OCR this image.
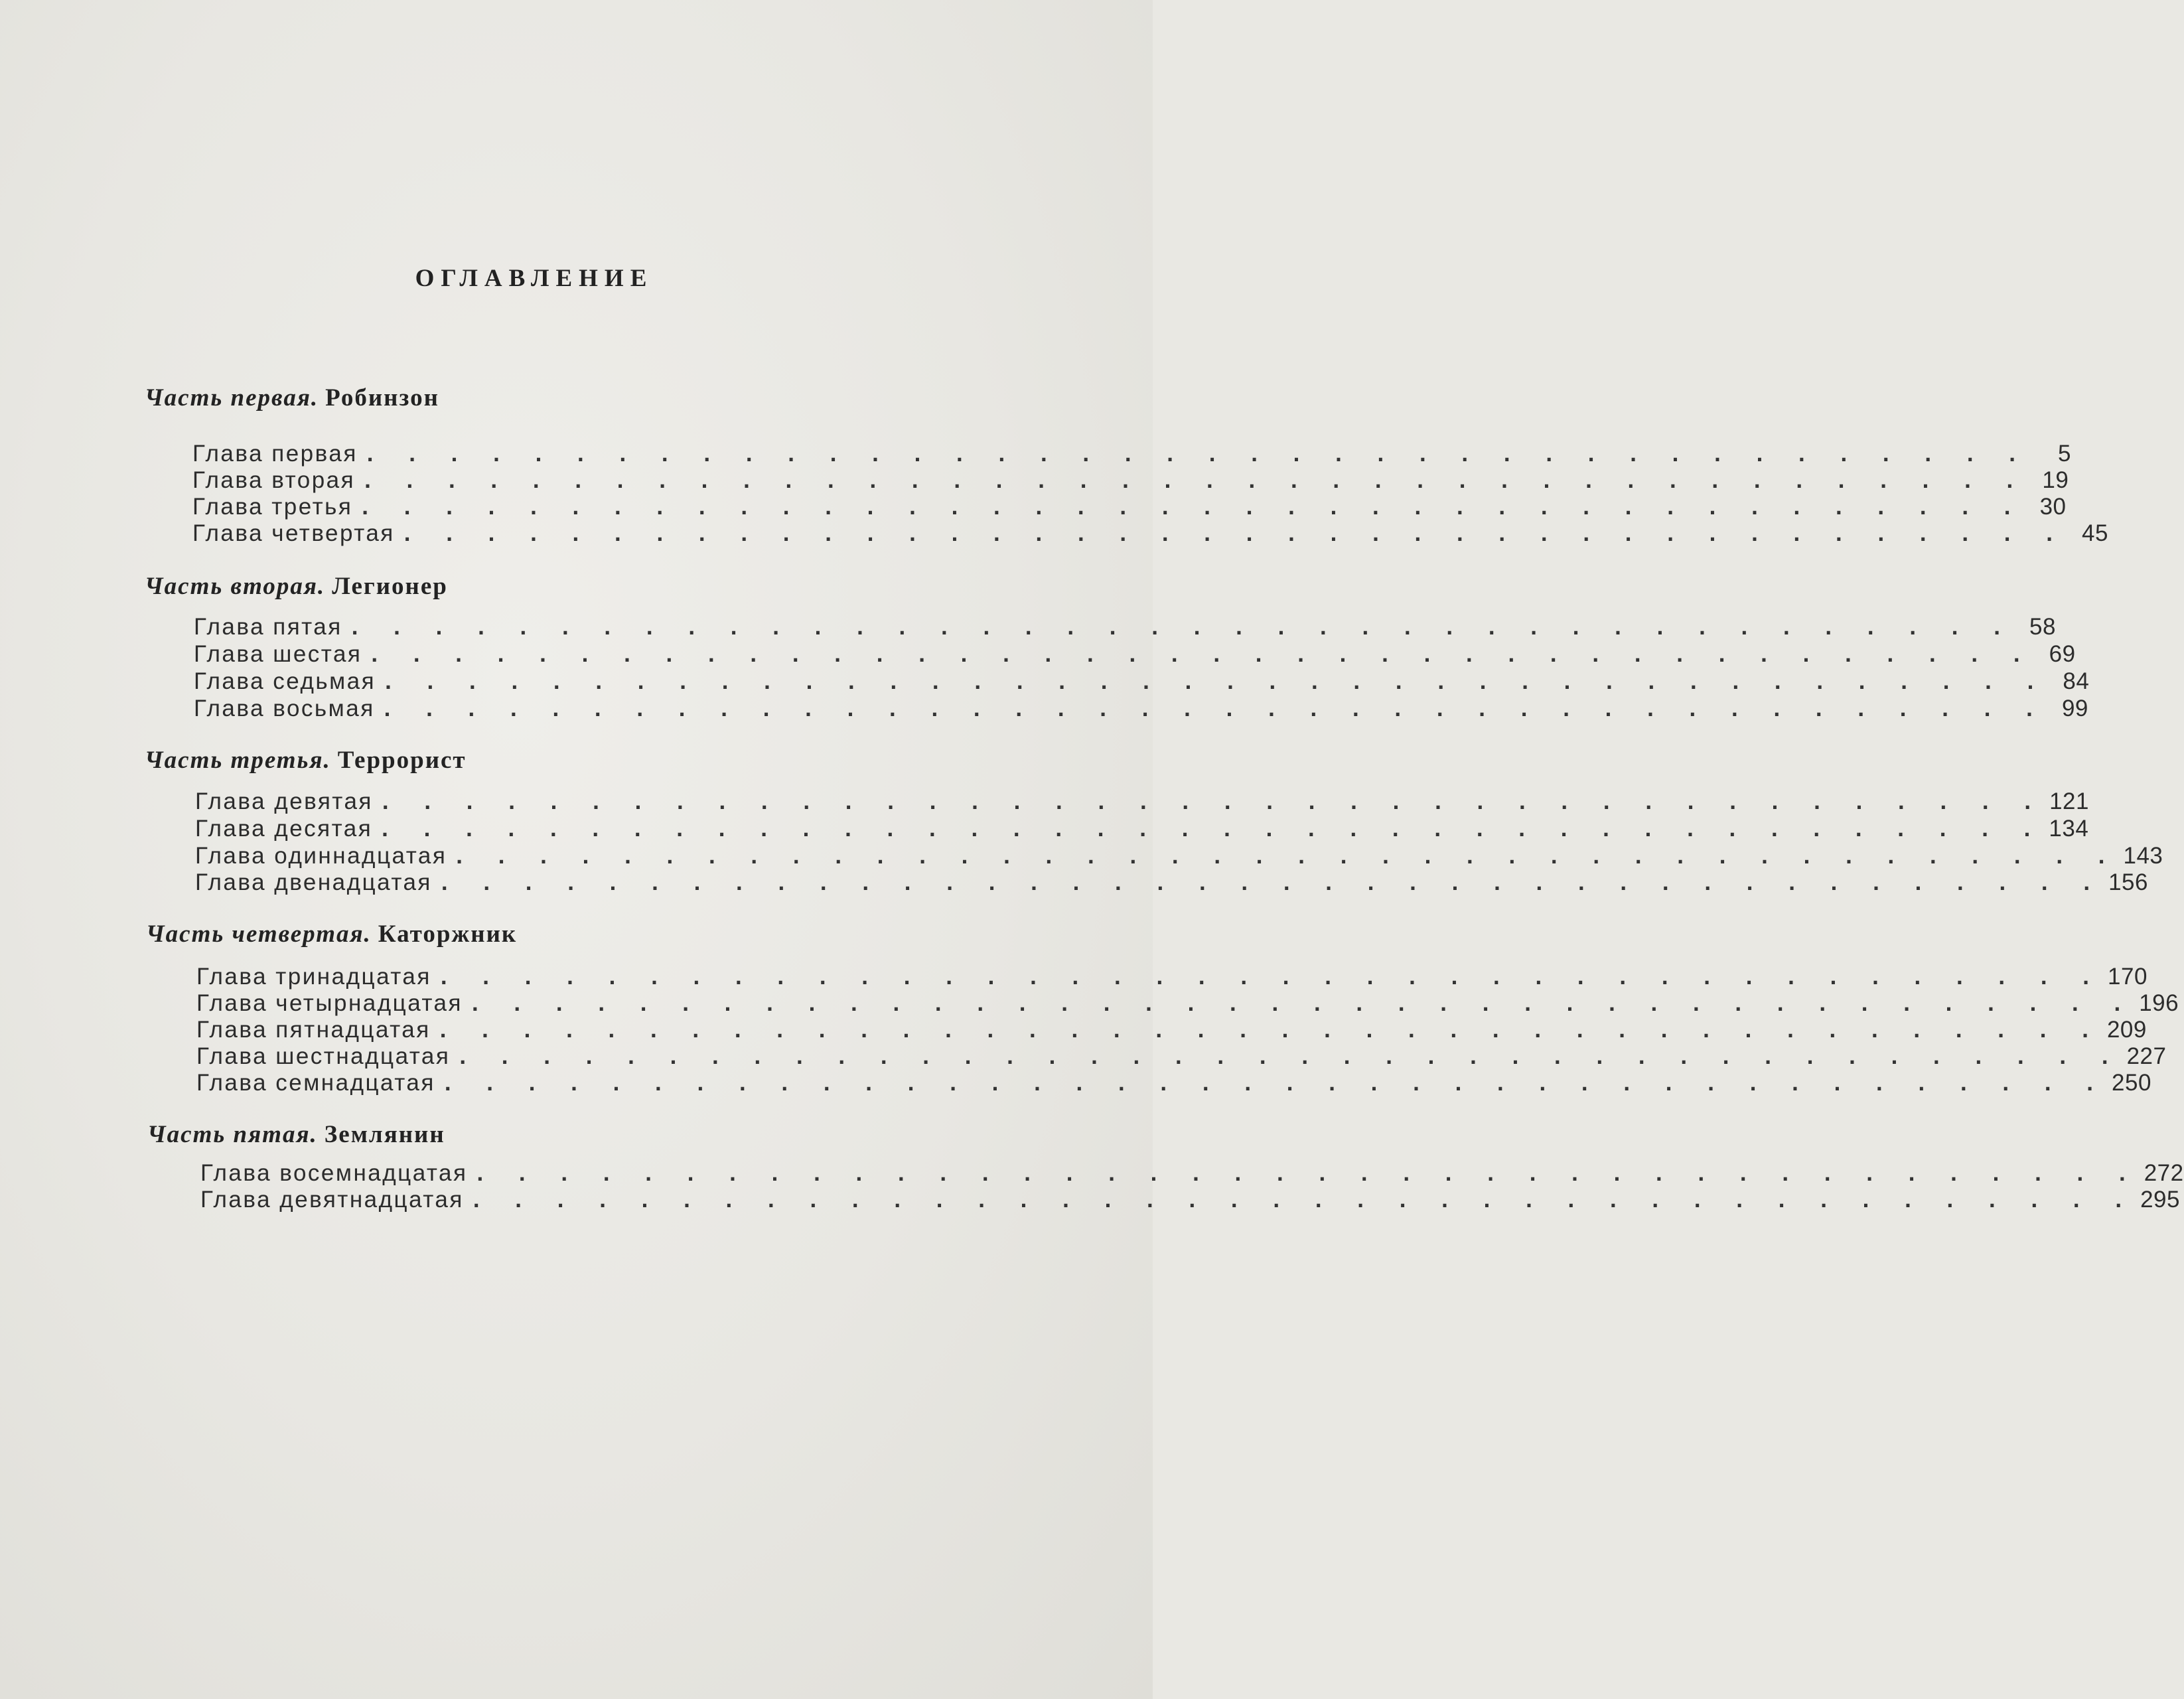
ОГЛАВЛЕНИЕ
Часть первая. Робинзон
Глава первая . . . . . . . . . . . . . . . . . . . . . . . . . . . . . . . . . . . . . . . .	5
Глава вторая . . . . . . . . . . . . . . . . . . . . . . . . . . . . . . . . . . . . . . . . 19
Глава третья . . . . . . . . . . . . . . . . . . . . . . . . . . . . . . . . . . . . . . . . 30
Глава четвертая . . . . . . . . . . . . . . . . . . . . . . . . . . . . . . . . . . . . . . . . 45
Часть вторая. Легионер
Глава пятая . . . . . . . . . . . . . . . . . . . . . . . . . . . . . . . . . . . . . . . . 58
Глава шестая . . . . . . . . . . . . . . . . . . . . . . . . . . . . . . . . . . . . . . . . 69
Глава седьмая . . . . . . . . . . . . . . . . . . . . . . . . . . . . . . . . . . . . . . . . 84
Глава восьмая . . . . . . . . . . . . . . . . . . . . . . . . . . . . . . . . . . . . . . . . 99
Часть третья. Террорист
Глава девятая . . . . . . . . . . . . . . . . . . . . . . . . . . . . . . . . . . . . . . . . 121
Глава десятая . . . . . . . . . . . . . . . . . . . . . . . . . . . . . . . . . . . . . . . . 134
Глава одиннадцатая . . . . . . . . . . . . . . . . . . . . . . . . . . . . . . . . . . . . . . . . 143
Глава двенадцатая . . . . . . . . . . . . . . . . . . . . . . . . . . . . . . . . . . . . . . . . 156
Часть четвертая. Каторжник
Глава тринадцатая . . . . . . . . . . . . . . . . . . . . . . . . . . . . . . . . . . . . . . . . 170
Глава четырнадцатая . . . . . . . . . . . . . . . . . . . . . . . . . . . . . . . . . . . . . . . . 196
Глава пятнадцатая . . . . . . . . . . . . . . . . . . . . . . . . . . . . . . . . . . . . . . . . 209
Глава шестнадцатая . . . . . . . . . . . . . . . . . . . . . . . . . . . . . . . . . . . . . . . . 227
Глава семнадцатая . . . . . . . . . . . . . . . . . . . . . . . . . . . . . . . . . . . . . . . . 250
Часть пятая. Землянин
Глава восемнадцатая . . . . . . . . . . . . . . . . . . . . . . . . . . . . . . . . . . . . . . . . 272
Глава девятнадцатая . . . . . . . . . . . . . . . . . . . . . . . . . . . . . . . . . . . . . . . . 295
